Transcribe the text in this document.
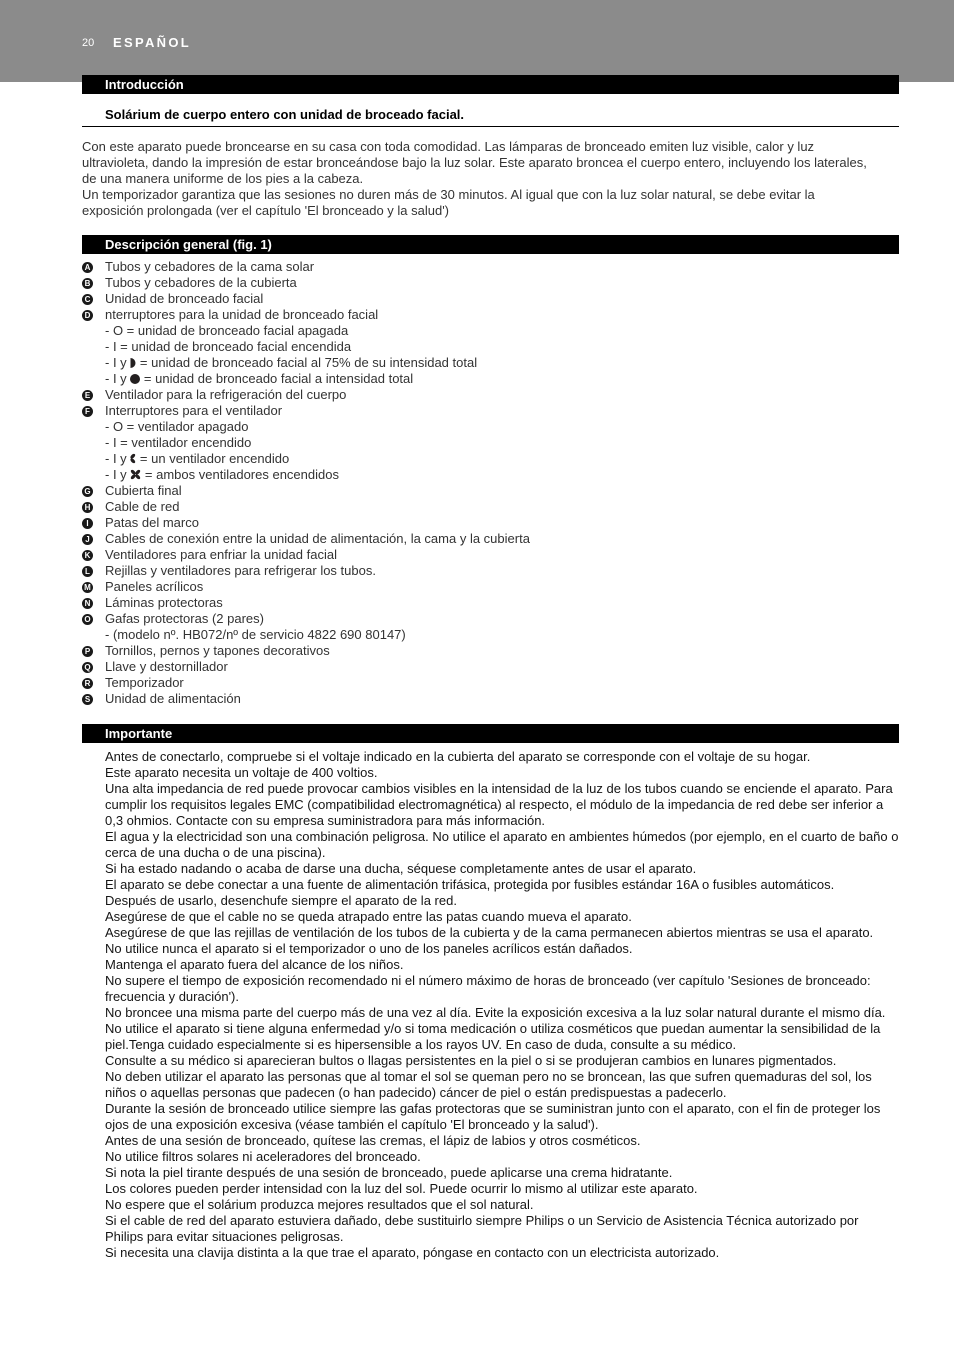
20 ESPAÑOL
Introducción
Solárium de cuerpo entero con unidad de broceado facial.

Con este aparato puede broncearse en su casa con toda comodidad. Las lámparas de bronceado emiten luz visible, calor y luz ultravioleta, dando la impresión de estar bronceándose bajo la luz solar. Este aparato broncea el cuerpo entero, incluyendo los laterales, de una manera uniforme de los pies a la cabeza.

Un temporizador garantiza que las sesiones no duren más de 30 minutos. Al igual que con la luz solar natural, se debe evitar la exposición prolongada (ver el capítulo 'El bronceado y la salud')

Descripción general (fig. 1)
A Tubos y cebadores de la cama solar
B Tubos y cebadores de la cubierta
C Unidad de bronceado facial
D nterruptores para la unidad de bronceado facial
- O = unidad de bronceado facial apagada
- I = unidad de bronceado facial encendida
- I y = unidad de bronceado facial al 75% de su intensidad total
- I y = unidad de bronceado facial a intensidad total
E Ventilador para la refrigeración del cuerpo
F Interruptores para el ventilador
- O = ventilador apagado
- I = ventilador encendido
- I y = un ventilador encendido
- I y = ambos ventiladores encendidos
G Cubierta final
H Cable de red
I	Patas del marco
J Cables de conexión entre la unidad de alimentación, la cama y la cubierta
K Ventiladores para enfriar la unidad facial
L Rejillas y ventiladores para refrigerar los tubos.
M Paneles acrílicos
N Láminas protectoras
O Gafas protectoras (2 pares)
- (modelo nº. HB072/nº de servicio 4822 690 80147)
P Tornillos, pernos y tapones decorativos
Q Llave y destornillador
R Temporizador
S Unidad de alimentación
Importante
Antes de conectarlo, compruebe si el voltaje indicado en la cubierta del aparato se corresponde con el voltaje de su hogar.
Este aparato necesita un voltaje de 400 voltios.
Una alta impedancia de red puede provocar cambios visibles en la intensidad de la luz de los tubos cuando se enciende el aparato. Para cumplir los requisitos legales EMC (compatibilidad electromagnética) al respecto, el módulo de la impedancia de red debe ser inferior a 0,3 ohmios. Contacte con su empresa suministradora para más información.
El agua y la electricidad son una combinación peligrosa. No utilice el aparato en ambientes húmedos (por ejemplo, en el cuarto de baño o cerca de una ducha o de una piscina).
Si ha estado nadando o acaba de darse una ducha, séquese completamente antes de usar el aparato.
El aparato se debe conectar a una fuente de alimentación trifásica, protegida por fusibles estándar 16A o fusibles automáticos.
Después de usarlo, desenchufe siempre el aparato de la red.
Asegúrese de que el cable no se queda atrapado entre las patas cuando mueva el aparato.
Asegúrese de que las rejillas de ventilación de los tubos de la cubierta y de la cama permanecen abiertos mientras se usa el aparato.
No utilice nunca el aparato si el temporizador o uno de los paneles acrílicos están dañados.
Mantenga el aparato fuera del alcance de los niños.
No supere el tiempo de exposición recomendado ni el número máximo de horas de bronceado (ver capítulo 'Sesiones de bronceado: frecuencia y duración').
No broncee una misma parte del cuerpo más de una vez al día. Evite la exposición excesiva a la luz solar natural durante el mismo día.
No utilice el aparato si tiene alguna enfermedad y/o si toma medicación o utiliza cosméticos que puedan aumentar la sensibilidad de la piel.Tenga cuidado especialmente si es hipersensible a los rayos UV. En caso de duda, consulte a su médico.
Consulte a su médico si aparecieran bultos o llagas persistentes en la piel o si se produjeran cambios en lunares pigmentados.
No deben utilizar el aparato las personas que al tomar el sol se queman pero no se broncean, las que sufren quemaduras del sol, los niños o aquellas personas que padecen (o han padecido) cáncer de piel o están predispuestas a padecerlo.
Durante la sesión de bronceado utilice siempre las gafas protectoras que se suministran junto con el aparato, con el fin de proteger los ojos de una exposición excesiva (véase también el capítulo 'El bronceado y la salud').
Antes de una sesión de bronceado, quítese las cremas, el lápiz de labios y otros cosméticos.
No utilice filtros solares ni aceleradores del bronceado.
Si nota la piel tirante después de una sesión de bronceado, puede aplicarse una crema hidratante.
Los colores pueden perder intensidad con la luz del sol. Puede ocurrir lo mismo al utilizar este aparato.
No espere que el solárium produzca mejores resultados que el sol natural.
Si el cable de red del aparato estuviera dañado, debe sustituirlo siempre Philips o un Servicio de Asistencia Técnica autorizado por Philips para evitar situaciones peligrosas.
Si necesita una clavija distinta a la que trae el aparato, póngase en contacto con un electricista autorizado.
